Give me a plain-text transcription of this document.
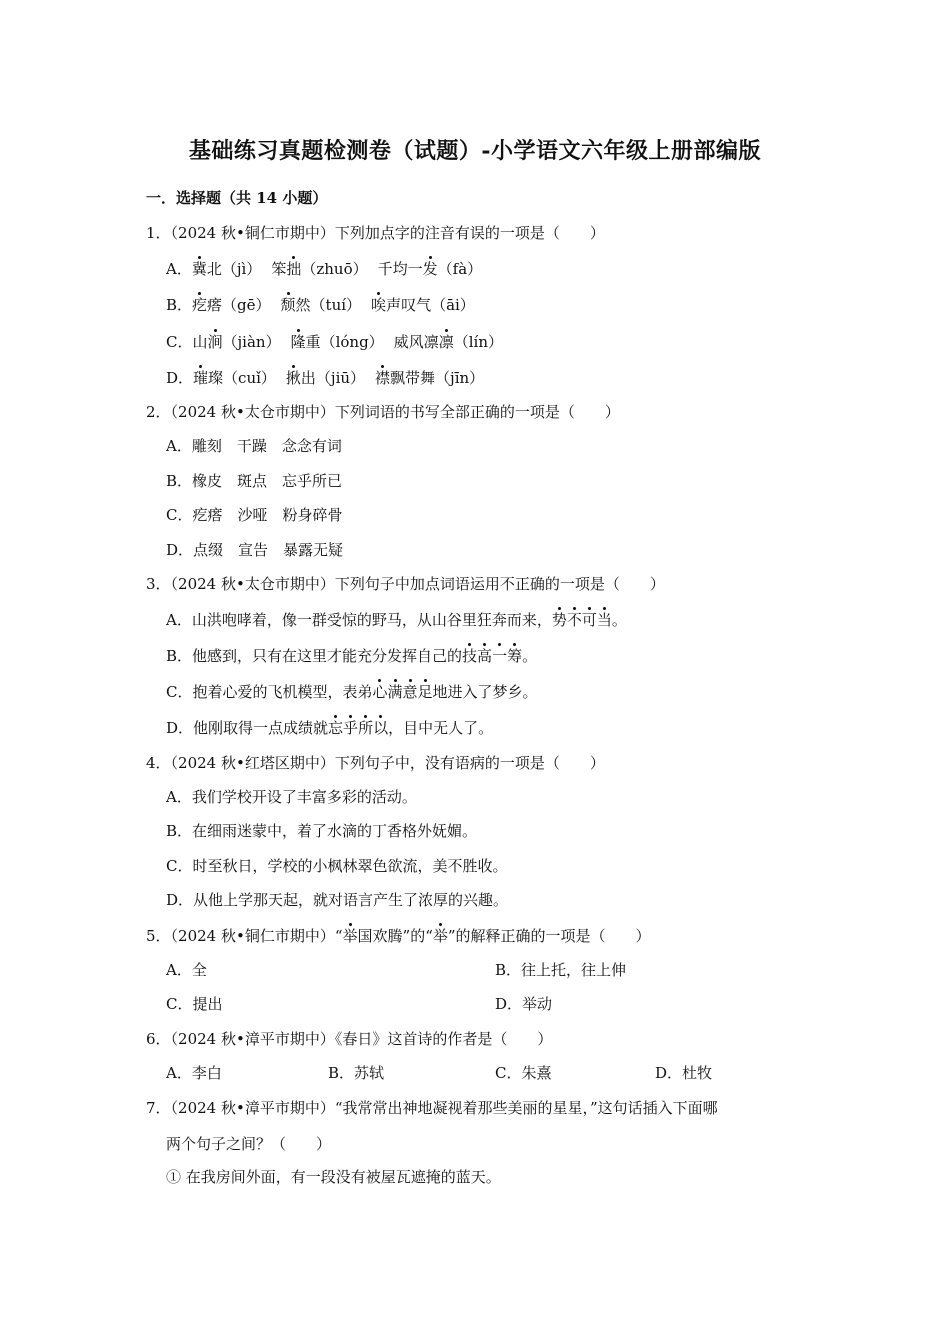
基础练习真题检测卷（试题）-小学语文六年级上册部编版
一．选择题（共 14 小题）
1．（2024 秋•铜仁市期中）下列加点字的注音有误的一项是（　　）
A．冀北（jì） 笨拙（zhuō） 千均一发（fà）
B．疙瘩（gē） 颓然（tuí） 唉声叹气（āi）
C．山涧（jiàn） 隆重（lóng） 威风凛凛（lín）
D．璀璨（cuǐ） 揪出（jiū） 襟飘带舞（jīn）
2．（2024 秋•太仓市期中）下列词语的书写全部正确的一项是（　　）
A．雕刻　干躁　念念有词
B．橡皮　斑点　忘乎所已
C．疙瘩　沙哑　粉身碎骨
D．点缀　宣告　暴露无疑
3．（2024 秋•太仓市期中）下列句子中加点词语运用不正确的一项是（　　）
A．山洪咆哮着，像一群受惊的野马，从山谷里狂奔而来，势不可当。
B．他感到，只有在这里才能充分发挥自己的技高一筹。
C．抱着心爱的飞机模型，表弟心满意足地进入了梦乡。
D．他刚取得一点成绩就忘乎所以，目中无人了。
4．（2024 秋•红塔区期中）下列句子中，没有语病的一项是（　　）
A．我们学校开设了丰富多彩的活动。
B．在细雨迷蒙中，着了水滴的丁香格外妩媚。
C．时至秋日，学校的小枫林翠色欲流，美不胜收。
D．从他上学那天起，就对语言产生了浓厚的兴趣。
5．（2024 秋•铜仁市期中）“举国欢腾”的“举”的解释正确的一项是（　　）
A．全	B．往上托，往上伸
C．提出	D．举动
6．（2024 秋•漳平市期中）《春日》这首诗的作者是（　　）
A．李白	B．苏轼	C．朱熹	D．杜牧
7．（2024 秋•漳平市期中）“我常常出神地凝视着那些美丽的星星，”这句话插入下面哪
两个句子之间？（　　）
① 在我房间外面，有一段没有被屋瓦遮掩的蓝天。
